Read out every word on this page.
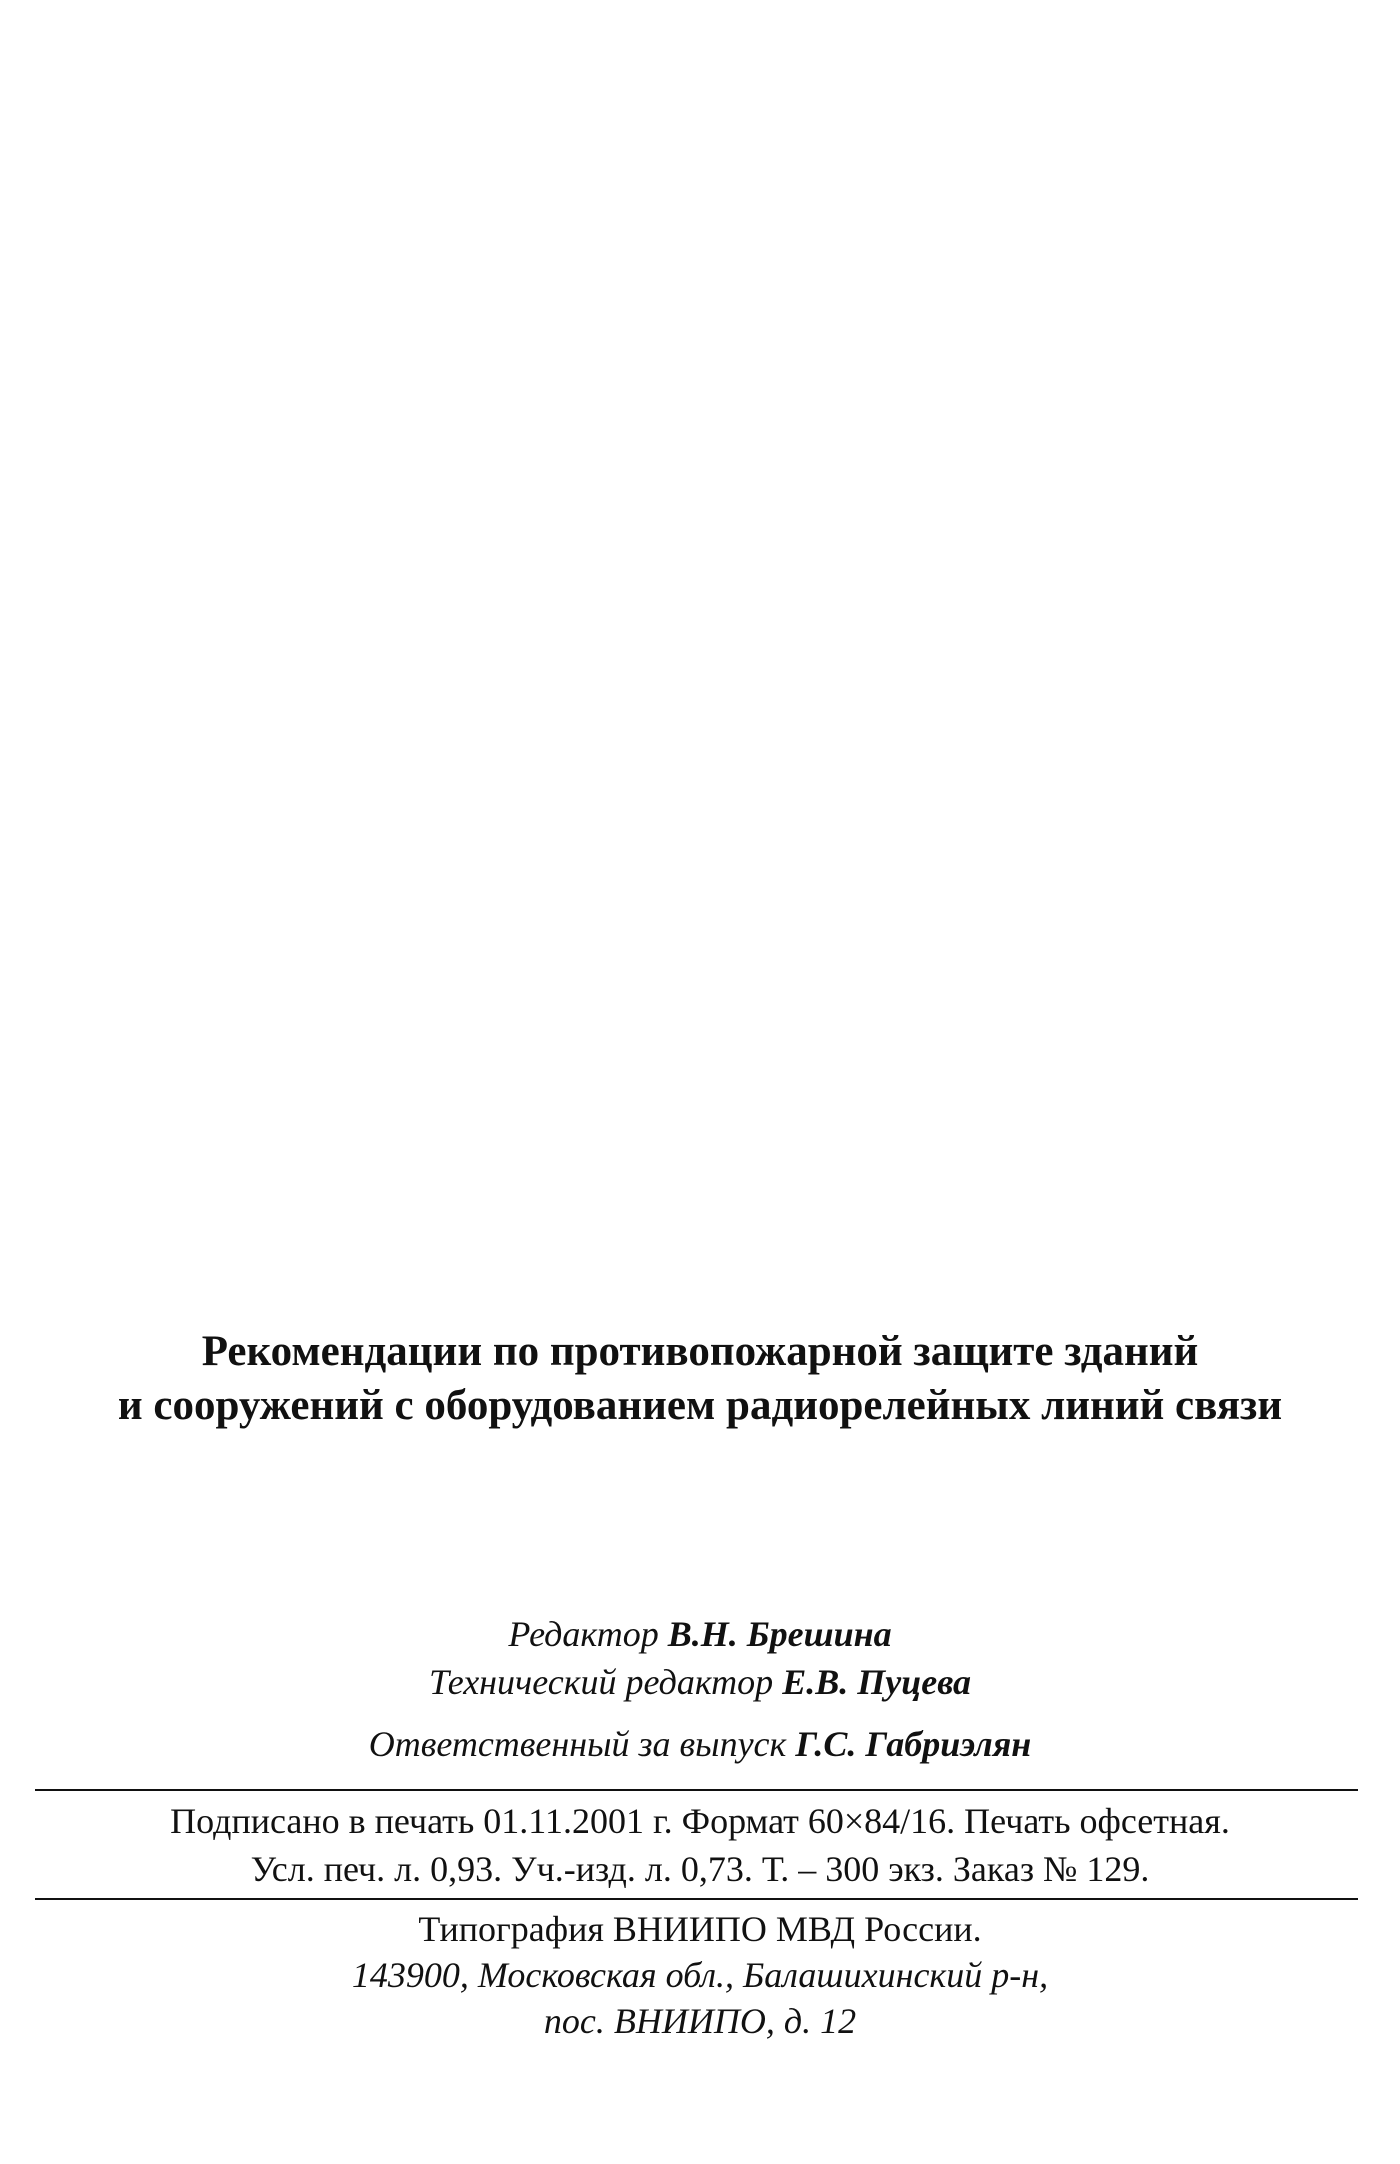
Рекомендации по противопожарной защите зданий
и сооружений с оборудованием радиорелейных линий связи
Редактор В.Н. Брешина
Технический редактор Е.В. Пуцева
Ответственный за выпуск Г.С. Габриэлян
Подписано в печать 01.11.2001 г. Формат 60×84/16. Печать офсетная.
Усл. печ. л. 0,93. Уч.-изд. л. 0,73. Т. – 300 экз. Заказ № 129.
Типография ВНИИПО МВД России.
143900, Московская обл., Балашихинский р-н,
пос. ВНИИПО, д. 12
